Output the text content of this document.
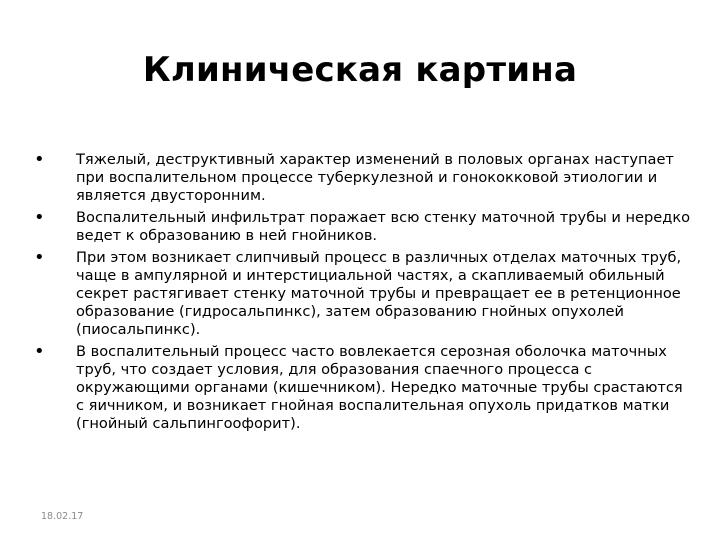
Клиническая картина
• Тяжелый, деструктивный характер изменений в половых органах наступает при воспалительном процессе туберкулезной и гонококковой этиологии и является двусторонним.
• Воспалительный инфильтрат поражает всю стенку маточной трубы и нередко ведет к образованию в ней гнойников.
• При этом возникает слипчивый процесс в различных отделах маточных труб, чаще в ампулярной и интерстициальной частях, а скапливаемый обильный секрет растягивает стенку маточной трубы и превращает ее в ретенционное образование (гидросальпинкс), затем образованию гнойных опухолей (пиосальпинкс).
• В воспалительный процесс часто вовлекается серозная оболочка маточных труб, что создает условия, для образования спаечного процесса с окружающими органами (кишечником). Нередко маточные трубы срастаются с яичником, и возникает гнойная воспалительная опухоль придатков матки (гнойный сальпингоофорит).
18.02.17
